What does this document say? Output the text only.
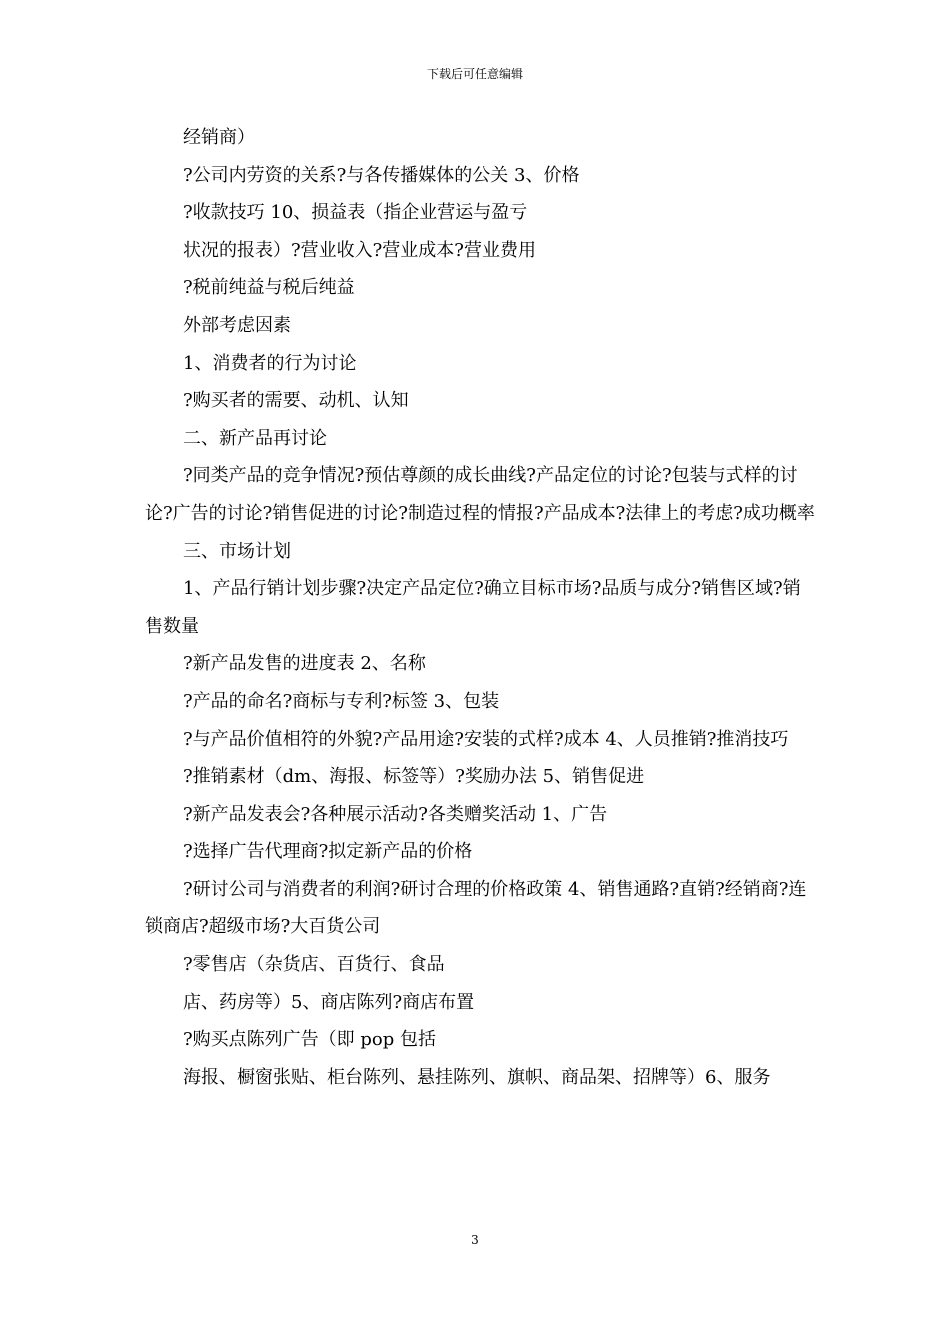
下载后可任意编辑

经销商）

?公司内劳资的关系?与各传播媒体的公关 3、价格

?收款技巧 10、损益表（指企业营运与盈亏

状况的报表）?营业收入?营业成本?营业费用

?税前纯益与税后纯益

外部考虑因素

1、消费者的行为讨论

?购买者的需要、动机、认知

二、新产品再讨论

?同类产品的竞争情况?预估尊颜的成长曲线?产品定位的讨论?包装与式样的讨论?广告的讨论?销售促进的讨论?制造过程的情报?产品成本?法律上的考虑?成功概率

三、市场计划

1、产品行销计划步骤?决定产品定位?确立目标市场?品质与成分?销售区域?销售数量

?新产品发售的进度表 2、名称

?产品的命名?商标与专利?标签 3、包装

?与产品价值相符的外貌?产品用途?安装的式样?成本 4、人员推销?推消技巧

?推销素材（dm、海报、标签等）?奖励办法 5、销售促进

?新产品发表会?各种展示活动?各类赠奖活动 1、广告

?选择广告代理商?拟定新产品的价格

?研讨公司与消费者的利润?研讨合理的价格政策 4、销售通路?直销?经销商?连锁商店?超级市场?大百货公司

?零售店（杂货店、百货行、食品

店、药房等）5、商店陈列?商店布置

?购买点陈列广告（即 pop 包括

海报、橱窗张贴、柜台陈列、悬挂陈列、旗帜、商品架、招牌等）6、服务

3
